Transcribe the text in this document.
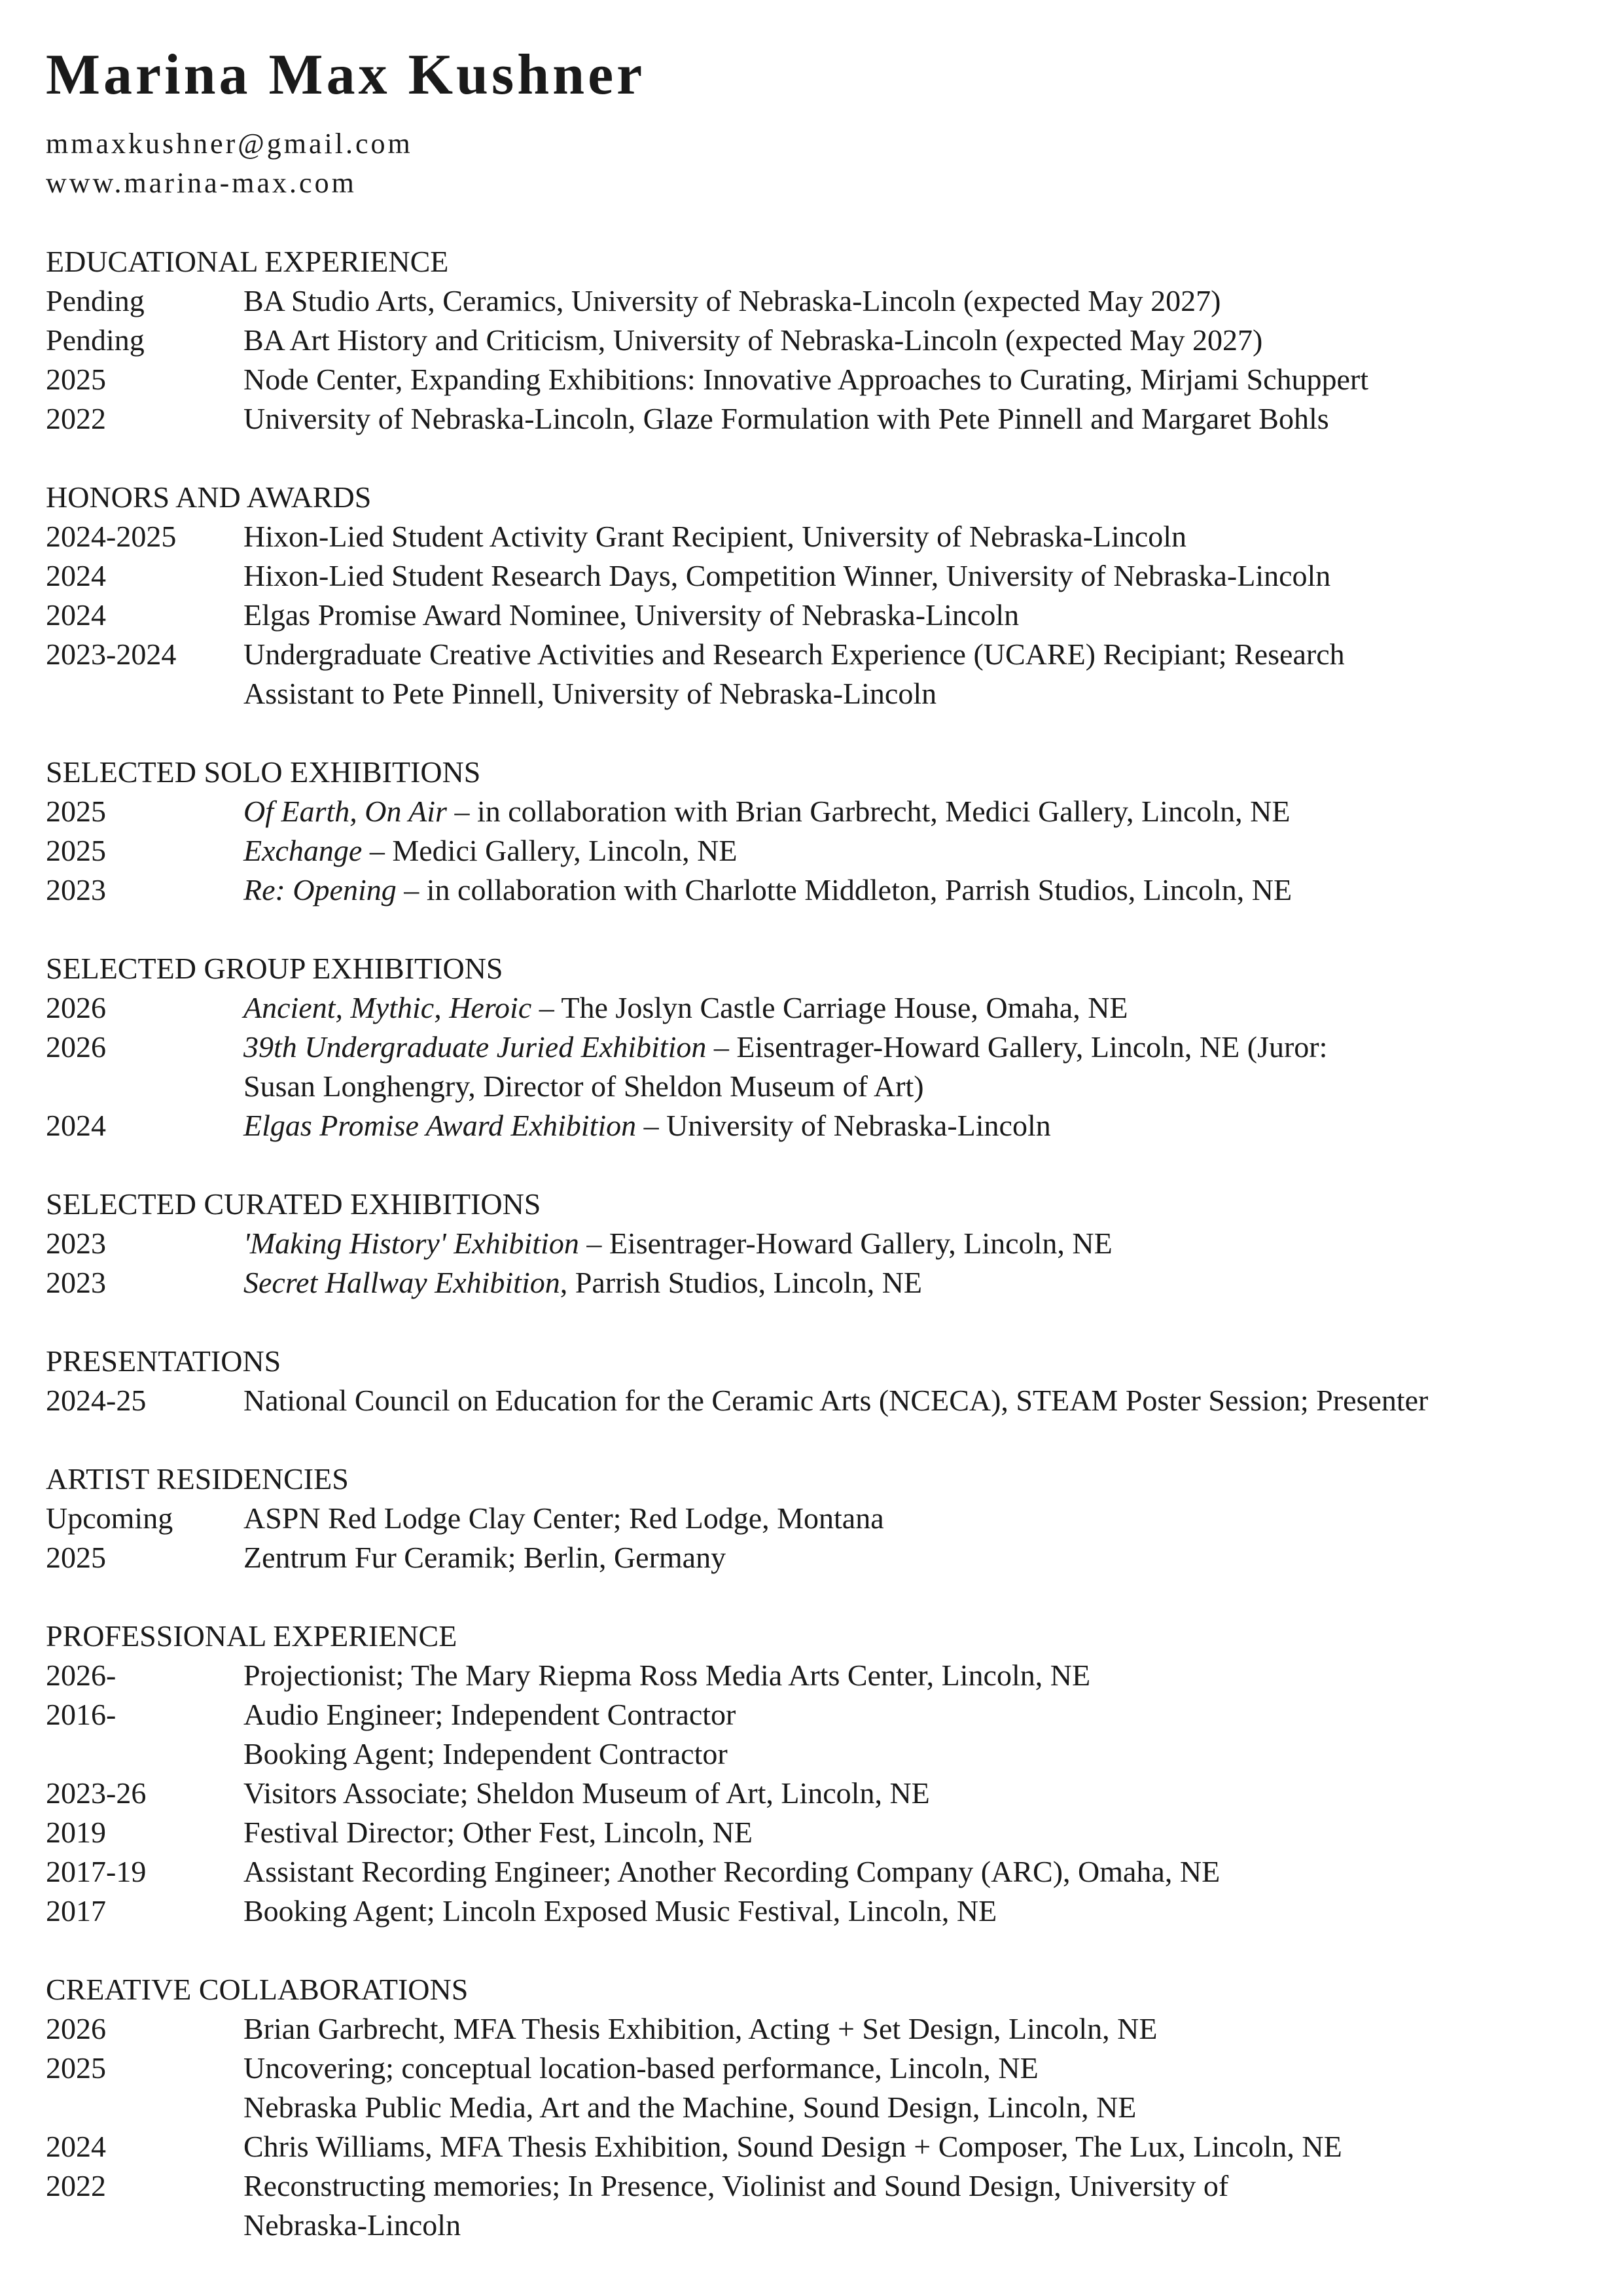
Marina Max Kushner
mmaxkushner@gmail.com
www.marina-max.com
EDUCATIONAL EXPERIENCE
Pending	BA Studio Arts, Ceramics, University of Nebraska-Lincoln (expected May 2027)
Pending	BA Art History and Criticism, University of Nebraska-Lincoln (expected May 2027)
2025	Node Center, Expanding Exhibitions: Innovative Approaches to Curating, Mirjami Schuppert
2022	University of Nebraska-Lincoln, Glaze Formulation with Pete Pinnell and Margaret Bohls
HONORS AND AWARDS
2024-2025	Hixon-Lied Student Activity Grant Recipient, University of Nebraska-Lincoln
2024	Hixon-Lied Student Research Days, Competition Winner, University of Nebraska-Lincoln
2024	Elgas Promise Award Nominee, University of Nebraska-Lincoln
2023-2024	Undergraduate Creative Activities and Research Experience (UCARE) Recipiant; Research
Assistant to Pete Pinnell, University of Nebraska-Lincoln
SELECTED SOLO EXHIBITIONS
2025	Of Earth, On Air – in collaboration with Brian Garbrecht, Medici Gallery, Lincoln, NE
2025	Exchange – Medici Gallery, Lincoln, NE
2023	Re: Opening – in collaboration with Charlotte Middleton, Parrish Studios, Lincoln, NE
SELECTED GROUP EXHIBITIONS
2026	Ancient, Mythic, Heroic – The Joslyn Castle Carriage House, Omaha, NE
2026	39th Undergraduate Juried Exhibition – Eisentrager-Howard Gallery, Lincoln, NE (Juror:
Susan Longhengry, Director of Sheldon Museum of Art)
2024	Elgas Promise Award Exhibition – University of Nebraska-Lincoln
SELECTED CURATED EXHIBITIONS
2023	'Making History' Exhibition – Eisentrager-Howard Gallery, Lincoln, NE
2023	Secret Hallway Exhibition, Parrish Studios, Lincoln, NE
PRESENTATIONS
2024-25	National Council on Education for the Ceramic Arts (NCECA), STEAM Poster Session; Presenter
ARTIST RESIDENCIES
Upcoming	ASPN Red Lodge Clay Center; Red Lodge, Montana
2025	Zentrum Fur Ceramik; Berlin, Germany
PROFESSIONAL EXPERIENCE
2026-	Projectionist; The Mary Riepma Ross Media Arts Center, Lincoln, NE
2016-	Audio Engineer; Independent Contractor
Booking Agent; Independent Contractor
2023-26	Visitors Associate; Sheldon Museum of Art, Lincoln, NE
2019	Festival Director; Other Fest, Lincoln, NE
2017-19	Assistant Recording Engineer; Another Recording Company (ARC), Omaha, NE
2017	Booking Agent; Lincoln Exposed Music Festival, Lincoln, NE
CREATIVE COLLABORATIONS
2026	Brian Garbrecht, MFA Thesis Exhibition, Acting + Set Design, Lincoln, NE
2025	Uncovering; conceptual location-based performance, Lincoln, NE
Nebraska Public Media, Art and the Machine, Sound Design, Lincoln, NE
2024	Chris Williams, MFA Thesis Exhibition, Sound Design + Composer, The Lux, Lincoln, NE
2022	Reconstructing memories; In Presence, Violinist and Sound Design, University of
Nebraska-Lincoln
